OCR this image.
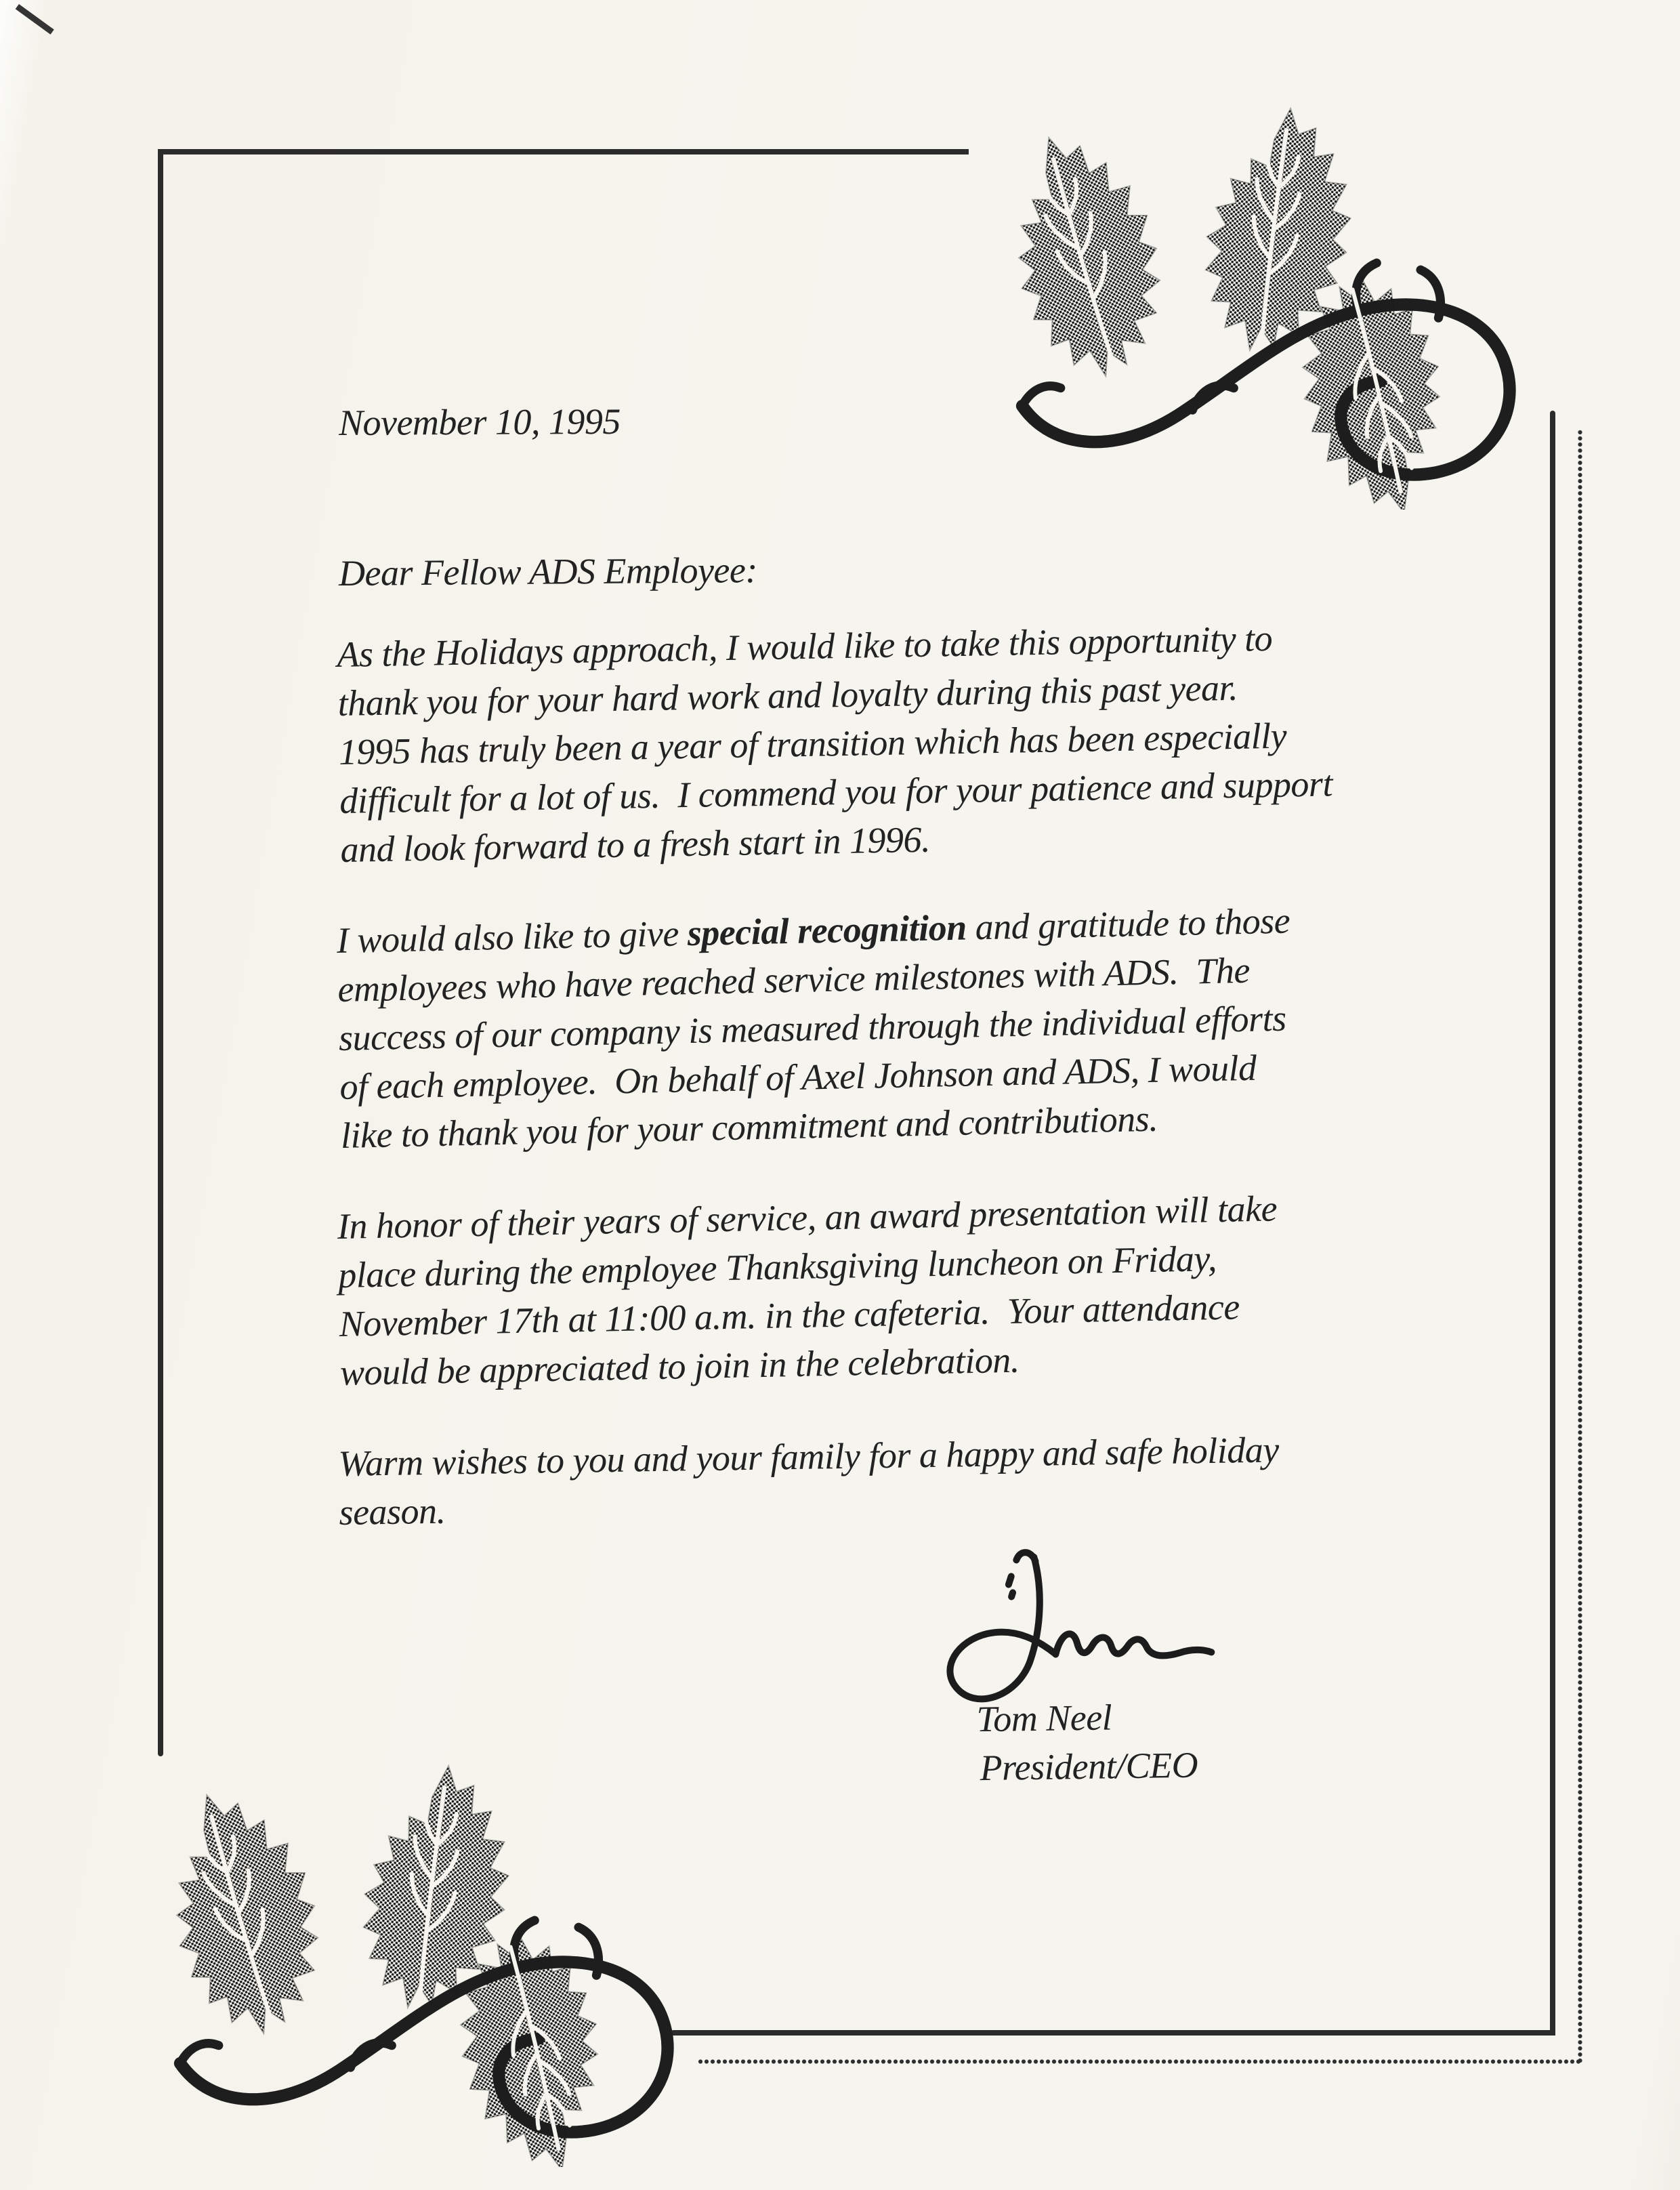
November 10, 1995
Dear Fellow ADS Employee:
As the Holidays approach, I would like to take this opportunity to
thank you for your hard work and loyalty during this past year.
1995 has truly been a year of transition which has been especially
difficult for a lot of us.  I commend you for your patience and support
and look forward to a fresh start in 1996.
I would also like to give special recognition and gratitude to those
employees who have reached service milestones with ADS.  The
success of our company is measured through the individual efforts
of each employee.  On behalf of Axel Johnson and ADS, I would
like to thank you for your commitment and contributions.
In honor of their years of service, an award presentation will take
place during the employee Thanksgiving luncheon on Friday,
November 17th at 11:00 a.m. in the cafeteria.  Your attendance
would be appreciated to join in the celebration.
Warm wishes to you and your family for a happy and safe holiday
season.
Tom Neel
President/CEO
